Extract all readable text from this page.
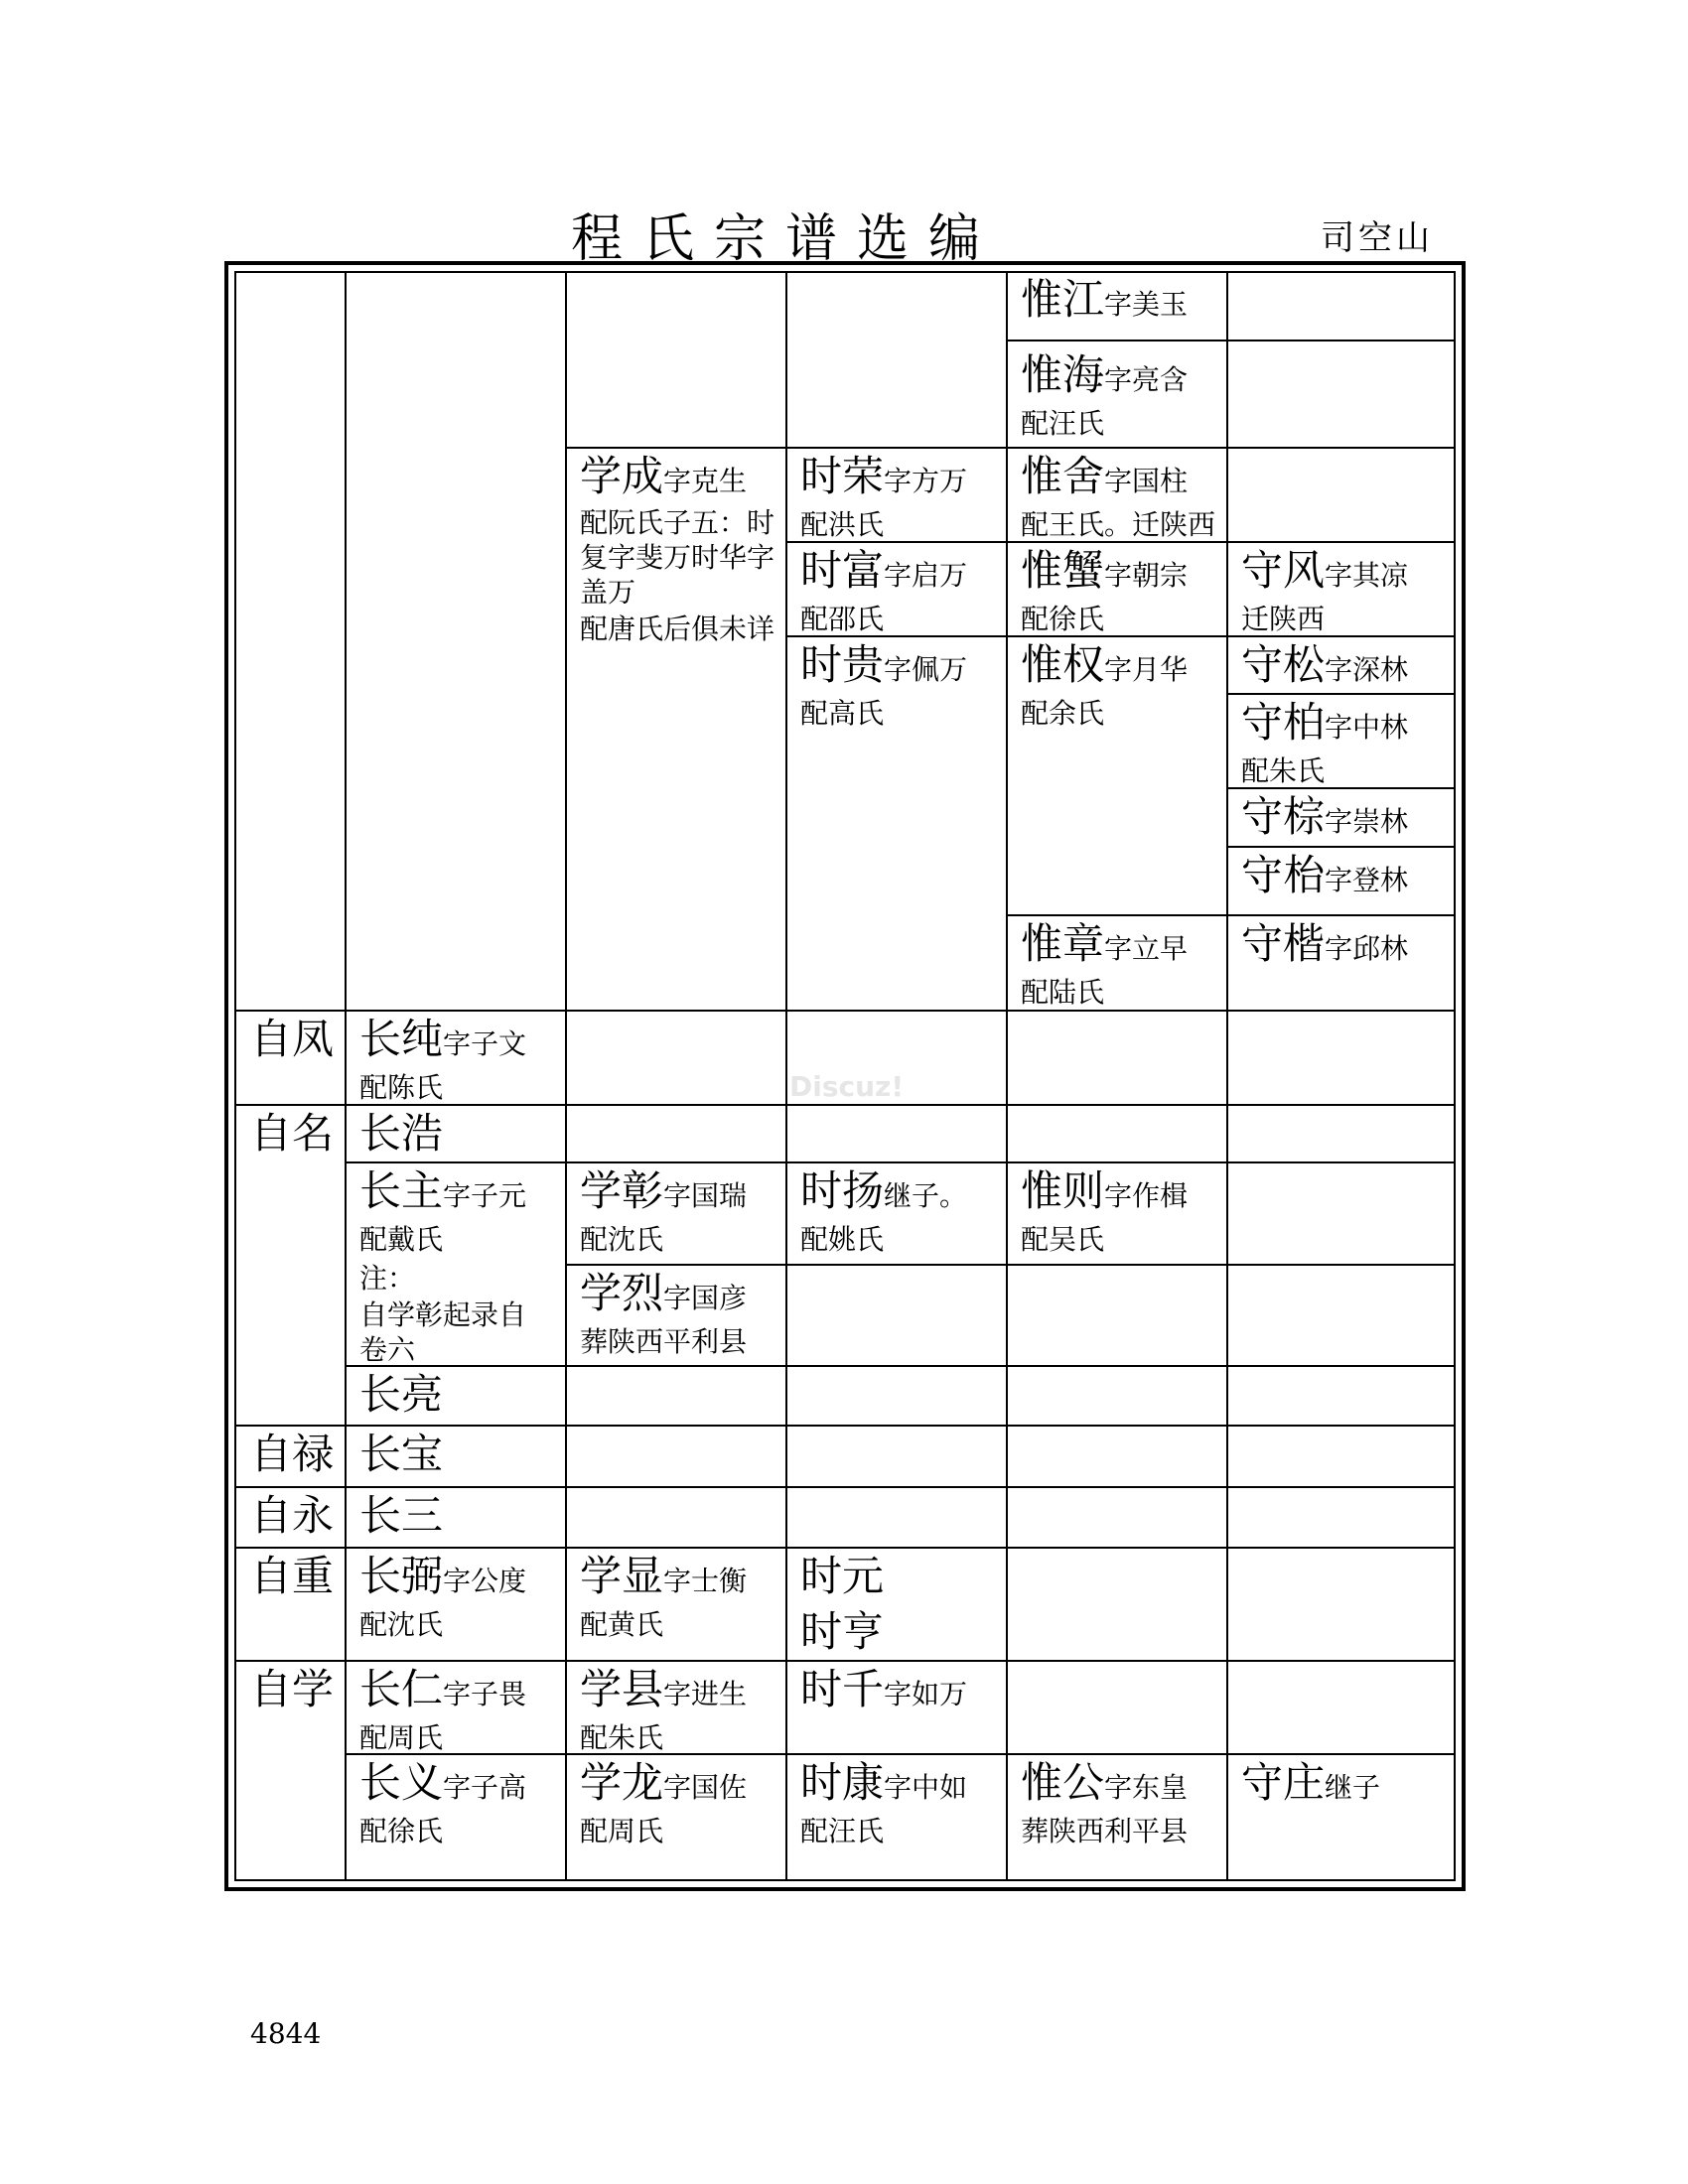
程氏宗谱选编	司空山
惟江字美玉
惟海字亮含
配汪氏
学成字克生
配阮氏子五：时复字斐万时华字盖万
配唐氏后俱未详
时荣字方万
配洪氏
惟舍字国柱
配王氏。迁陕西
时富字启万
配邵氏
惟蟹字朝宗
配徐氏
守风字其凉
迁陕西
时贵字佩万
配高氏
惟权字月华
配余氏
守松字深林
守柏字中林
配朱氏
守棕字崇林
守枱字登林
惟章字立早
配陆氏
守楷字邱林
自凤 长纯字子文
配陈氏	Discuz!
自名 长浩
长主字子元
配戴氏
注：
自学彰起录自卷六
学彰字国瑞
配沈氏
时扬继子。
配姚氏
惟则字作楫
配吴氏
学烈字国彦
葬陕西平利县
长亮
自禄 长宝
自永 长三
自重 长弼字公度
配沈氏
学显字士衡
配黄氏
时元
时亨
自学 长仁字子畏
配周氏
学县字进生
配朱氏
时千字如万
长义字子高
配徐氏
学龙字国佐
配周氏
时康字中如
配汪氏
惟公字东皇
葬陕西利平县
守庄继子
4844
